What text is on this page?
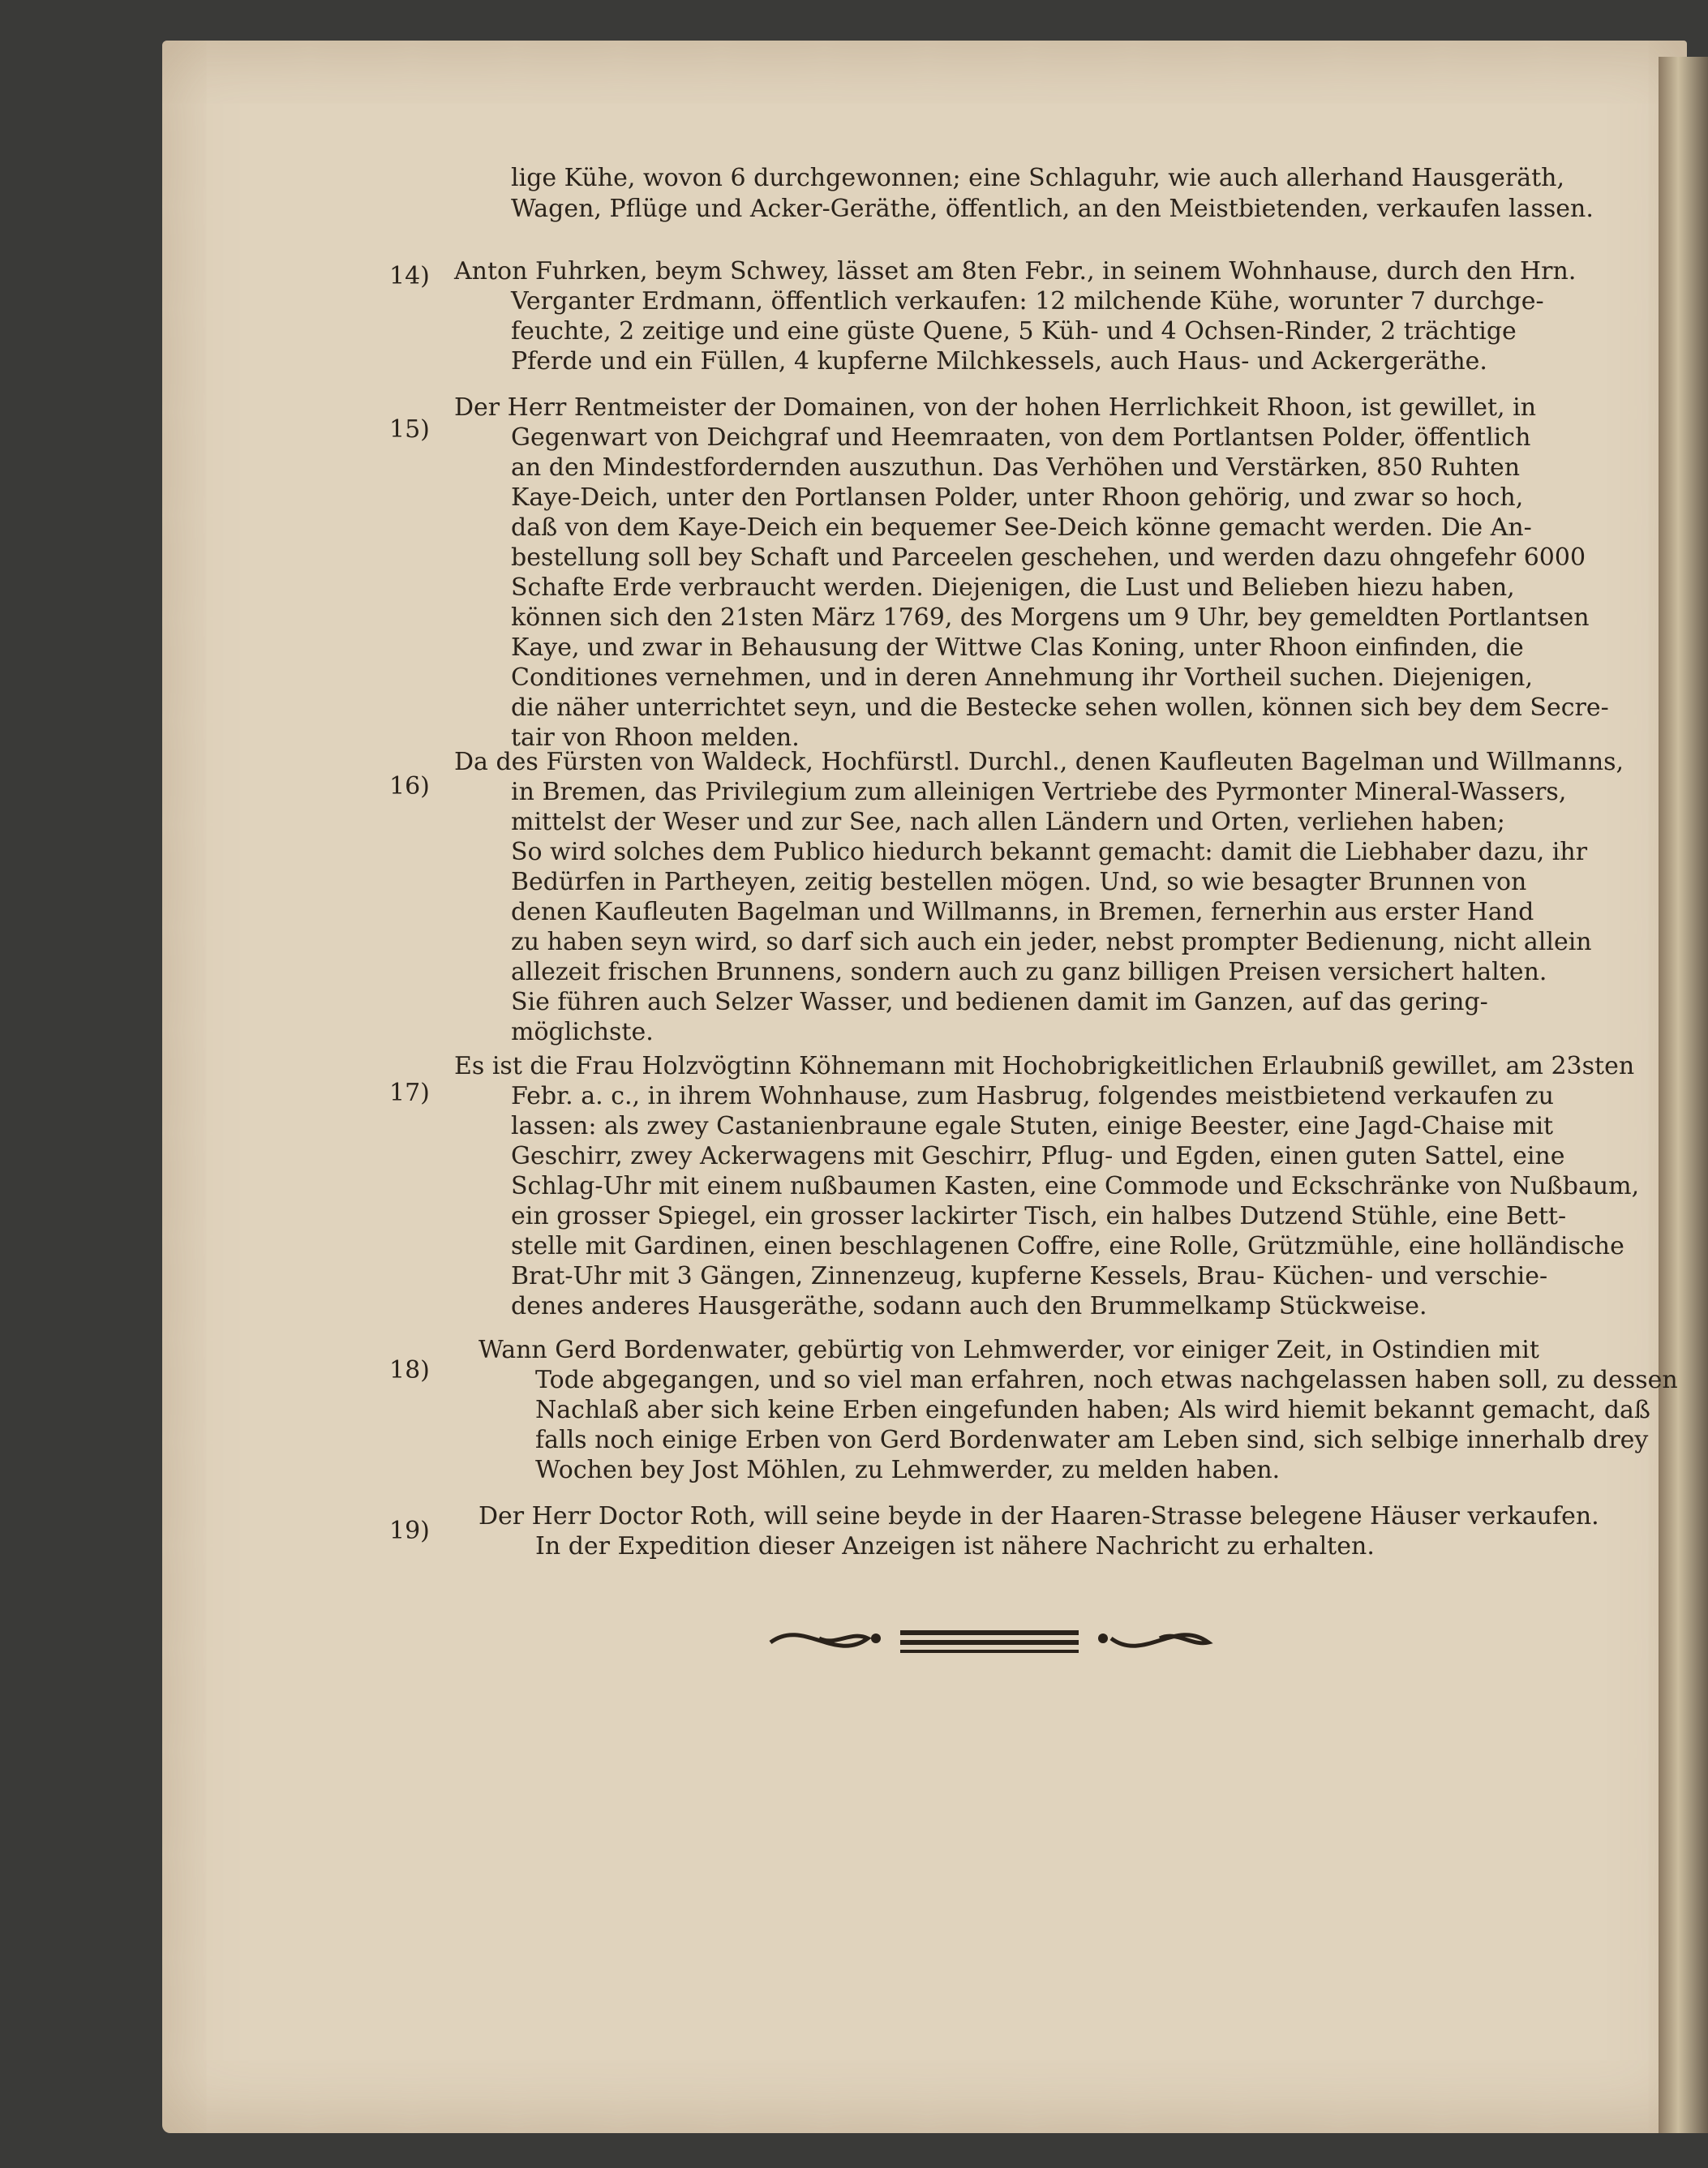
lige Kühe, wovon 6 durchgewonnen; eine Schlaguhr, wie auch allerhand Hausgeräth,
Wagen, Pflüge und Acker-Geräthe, öffentlich, an den Meistbietenden, verkaufen lassen.
14) Anton Fuhrken, beym Schwey, lässet am 8ten Febr., in seinem Wohnhause, durch den Hrn.
Verganter Erdmann, öffentlich verkaufen: 12 milchende Kühe, worunter 7 durchge-
feuchte, 2 zeitige und eine güste Quene, 5 Küh- und 4 Ochsen-Rinder, 2 trächtige
Pferde und ein Füllen, 4 kupferne Milchkessels, auch Haus- und Ackergeräthe.
15)
Der Herr Rentmeister der Domainen, von der hohen Herrlichkeit Rhoon, ist gewillet, in
Gegenwart von Deichgraf und Heemraaten, von dem Portlantsen Polder, öffentlich
an den Mindestfordernden auszuthun. Das Verhöhen und Verstärken, 850 Ruhten
Kaye-Deich, unter den Portlansen Polder, unter Rhoon gehörig, und zwar so hoch,
daß von dem Kaye-Deich ein bequemer See-Deich könne gemacht werden. Die An-
bestellung soll bey Schaft und Parceelen geschehen, und werden dazu ohngefehr 6000
Schafte Erde verbraucht werden. Diejenigen, die Lust und Belieben hiezu haben,
können sich den 21sten März 1769, des Morgens um 9 Uhr, bey gemeldten Portlantsen
Kaye, und zwar in Behausung der Wittwe Clas Koning, unter Rhoon einfinden, die
Conditiones vernehmen, und in deren Annehmung ihr Vortheil suchen. Diejenigen,
die näher unterrichtet seyn, und die Bestecke sehen wollen, können sich bey dem Secre-
tair von Rhoon melden.
16)
Da des Fürsten von Waldeck, Hochfürstl. Durchl., denen Kaufleuten Bagelman und Willmanns,
in Bremen, das Privilegium zum alleinigen Vertriebe des Pyrmonter Mineral-Wassers,
mittelst der Weser und zur See, nach allen Ländern und Orten, verliehen haben;
So wird solches dem Publico hiedurch bekannt gemacht: damit die Liebhaber dazu, ihr
Bedürfen in Partheyen, zeitig bestellen mögen. Und, so wie besagter Brunnen von
denen Kaufleuten Bagelman und Willmanns, in Bremen, fernerhin aus erster Hand
zu haben seyn wird, so darf sich auch ein jeder, nebst prompter Bedienung, nicht allein
allezeit frischen Brunnens, sondern auch zu ganz billigen Preisen versichert halten.
Sie führen auch Selzer Wasser, und bedienen damit im Ganzen, auf das gering-
möglichste.
17)
Es ist die Frau Holzvögtinn Köhnemann mit Hochobrigkeitlichen Erlaubniß gewillet, am 23sten
Febr. a. c., in ihrem Wohnhause, zum Hasbrug, folgendes meistbietend verkaufen zu
lassen: als zwey Castanienbraune egale Stuten, einige Beester, eine Jagd-Chaise mit
Geschirr, zwey Ackerwagens mit Geschirr, Pflug- und Egden, einen guten Sattel, eine
Schlag-Uhr mit einem nußbaumen Kasten, eine Commode und Eckschränke von Nußbaum,
ein grosser Spiegel, ein grosser lackirter Tisch, ein halbes Dutzend Stühle, eine Bett-
stelle mit Gardinen, einen beschlagenen Coffre, eine Rolle, Grützmühle, eine holländische
Brat-Uhr mit 3 Gängen, Zinnenzeug, kupferne Kessels, Brau- Küchen- und verschie-
denes anderes Hausgeräthe, sodann auch den Brummelkamp Stückweise.
18)
Wann Gerd Bordenwater, gebürtig von Lehmwerder, vor einiger Zeit, in Ostindien mit
Tode abgegangen, und so viel man erfahren, noch etwas nachgelassen haben soll, zu dessen
Nachlaß aber sich keine Erben eingefunden haben; Als wird hiemit bekannt gemacht, daß
falls noch einige Erben von Gerd Bordenwater am Leben sind, sich selbige innerhalb drey
Wochen bey Jost Möhlen, zu Lehmwerder, zu melden haben.
19)
Der Herr Doctor Roth, will seine beyde in der Haaren-Strasse belegene Häuser verkaufen.
In der Expedition dieser Anzeigen ist nähere Nachricht zu erhalten.
